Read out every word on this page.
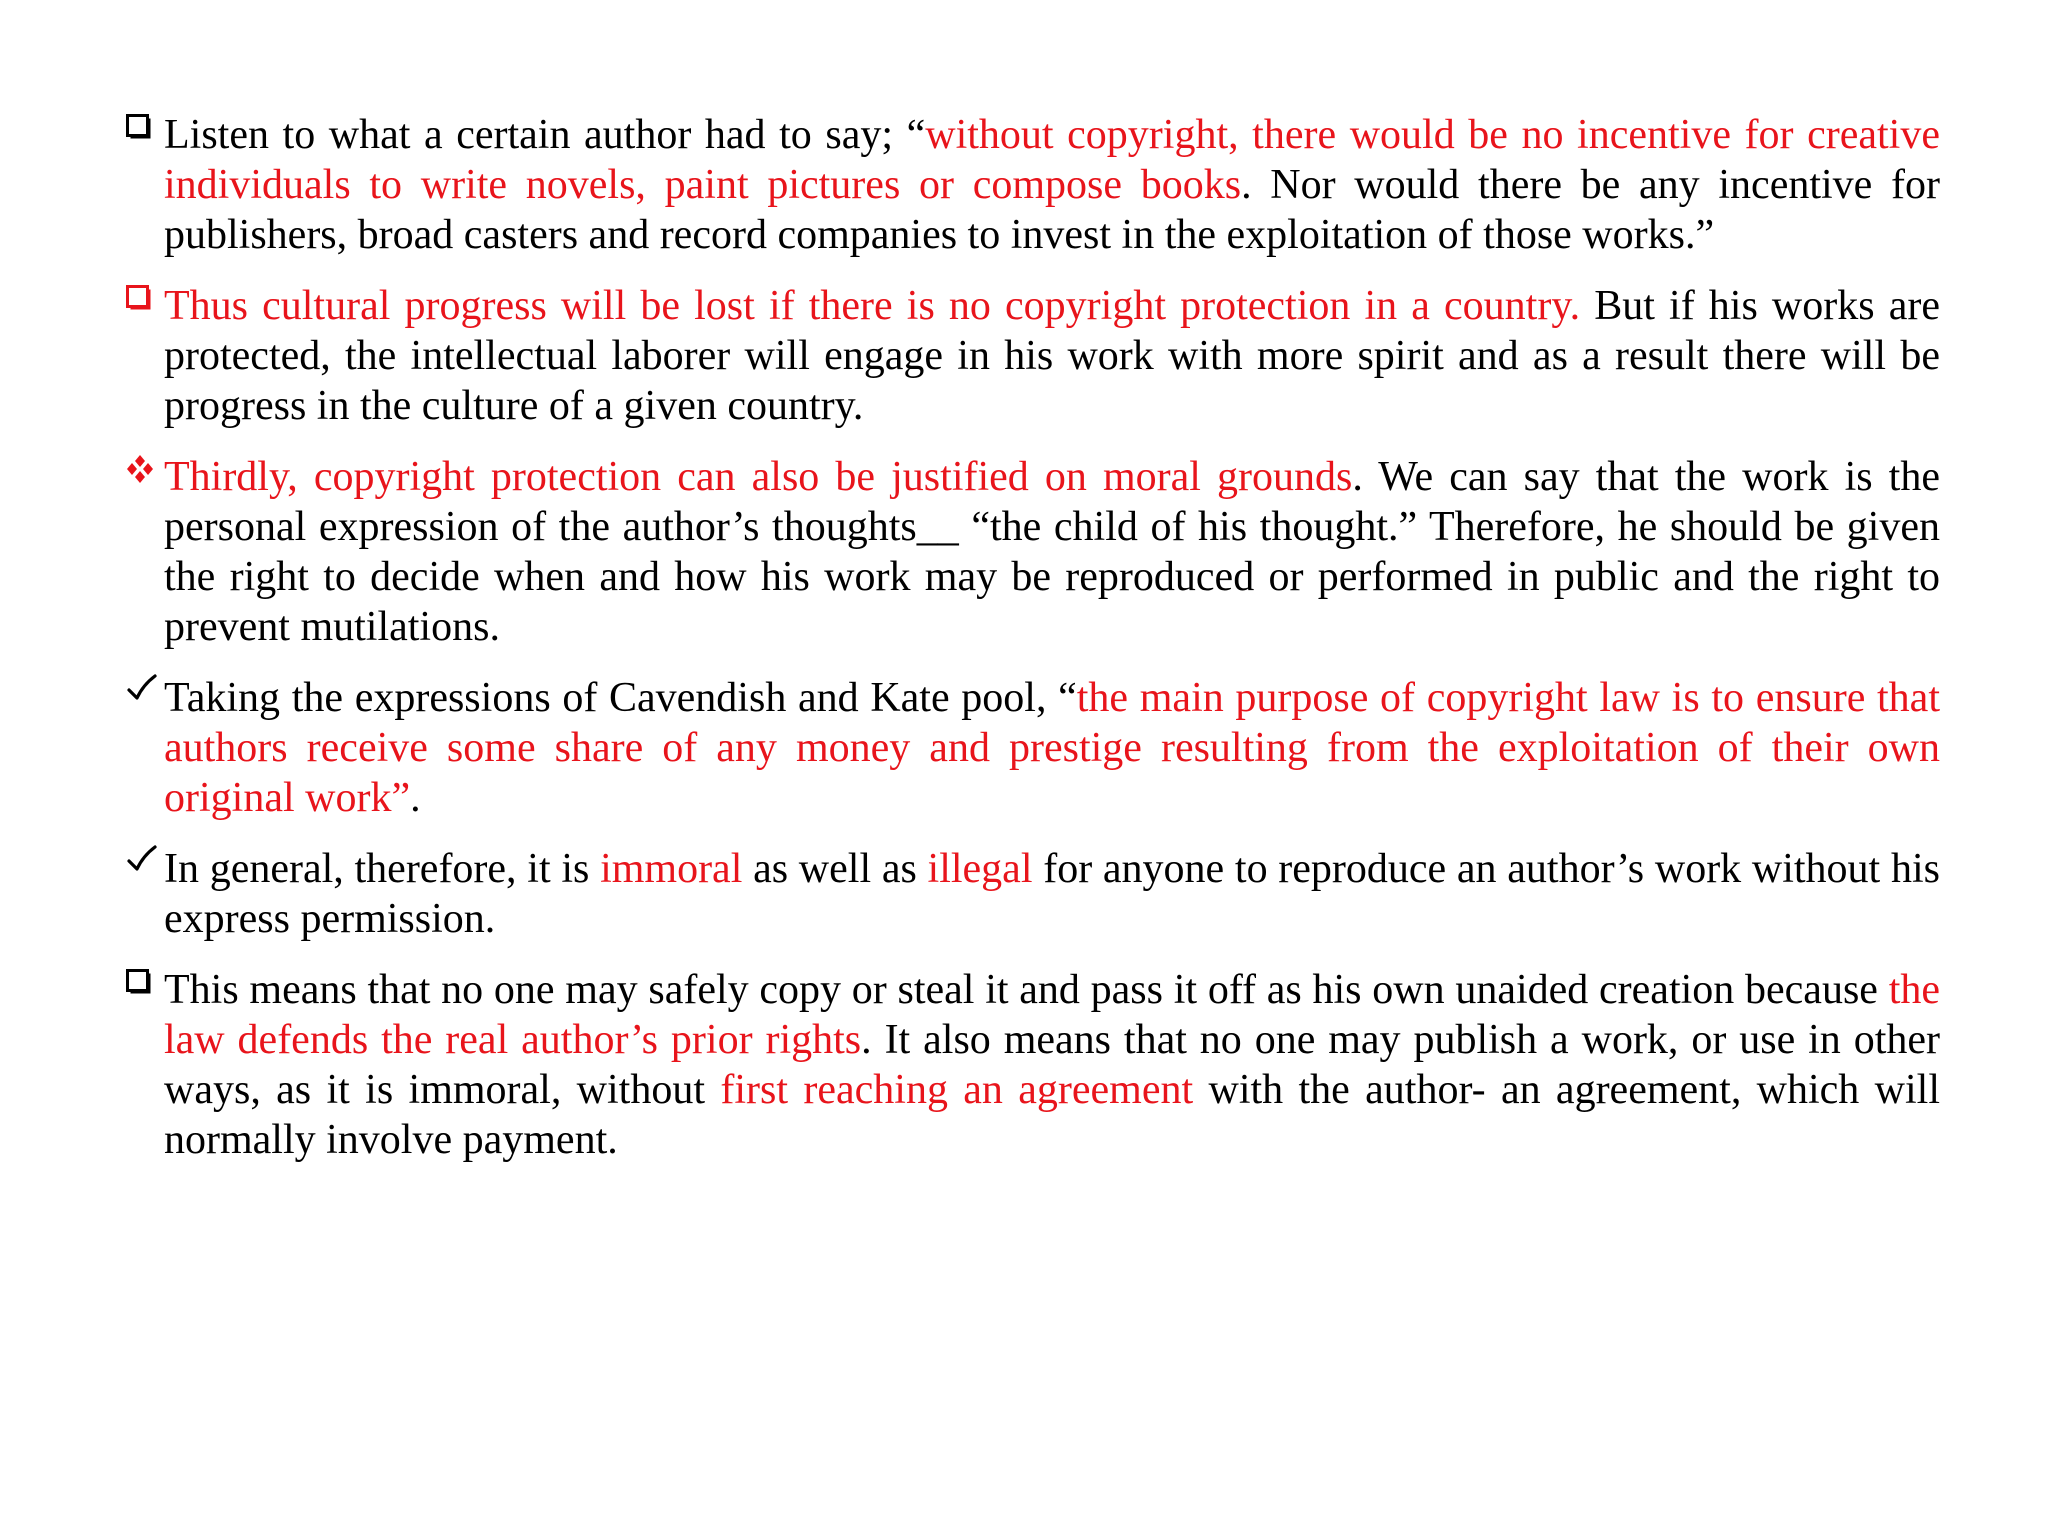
Listen to what a certain author had to say; “without copyright, there would be no incentive for creative individuals to write novels, paint pictures or compose books. Nor would there be any incentive for publishers, broad casters and record companies to invest in the exploitation of those works.”
Thus cultural progress will be lost if there is no copyright protection in a country. But if his works are protected, the intellectual laborer will engage in his work with more spirit and as a result there will be progress in the culture of a given country.
Thirdly, copyright protection can also be justified on moral grounds. We can say that the work is the personal expression of the author’s thoughts__ “the child of his thought.” Therefore, he should be given the right to decide when and how his work may be reproduced or performed in public and the right to prevent mutilations.
Taking the expressions of Cavendish and Kate pool, “the main purpose of copyright law is to ensure that authors receive some share of any money and prestige resulting from the exploitation of their own original work”.
In general, therefore, it is immoral as well as illegal for anyone to reproduce an author’s work without his express permission.
This means that no one may safely copy or steal it and pass it off as his own unaided creation because the law defends the real author’s prior rights. It also means that no one may publish a work, or use in other ways, as it is immoral, without first reaching an agreement with the author- an agreement, which will normally involve payment.
